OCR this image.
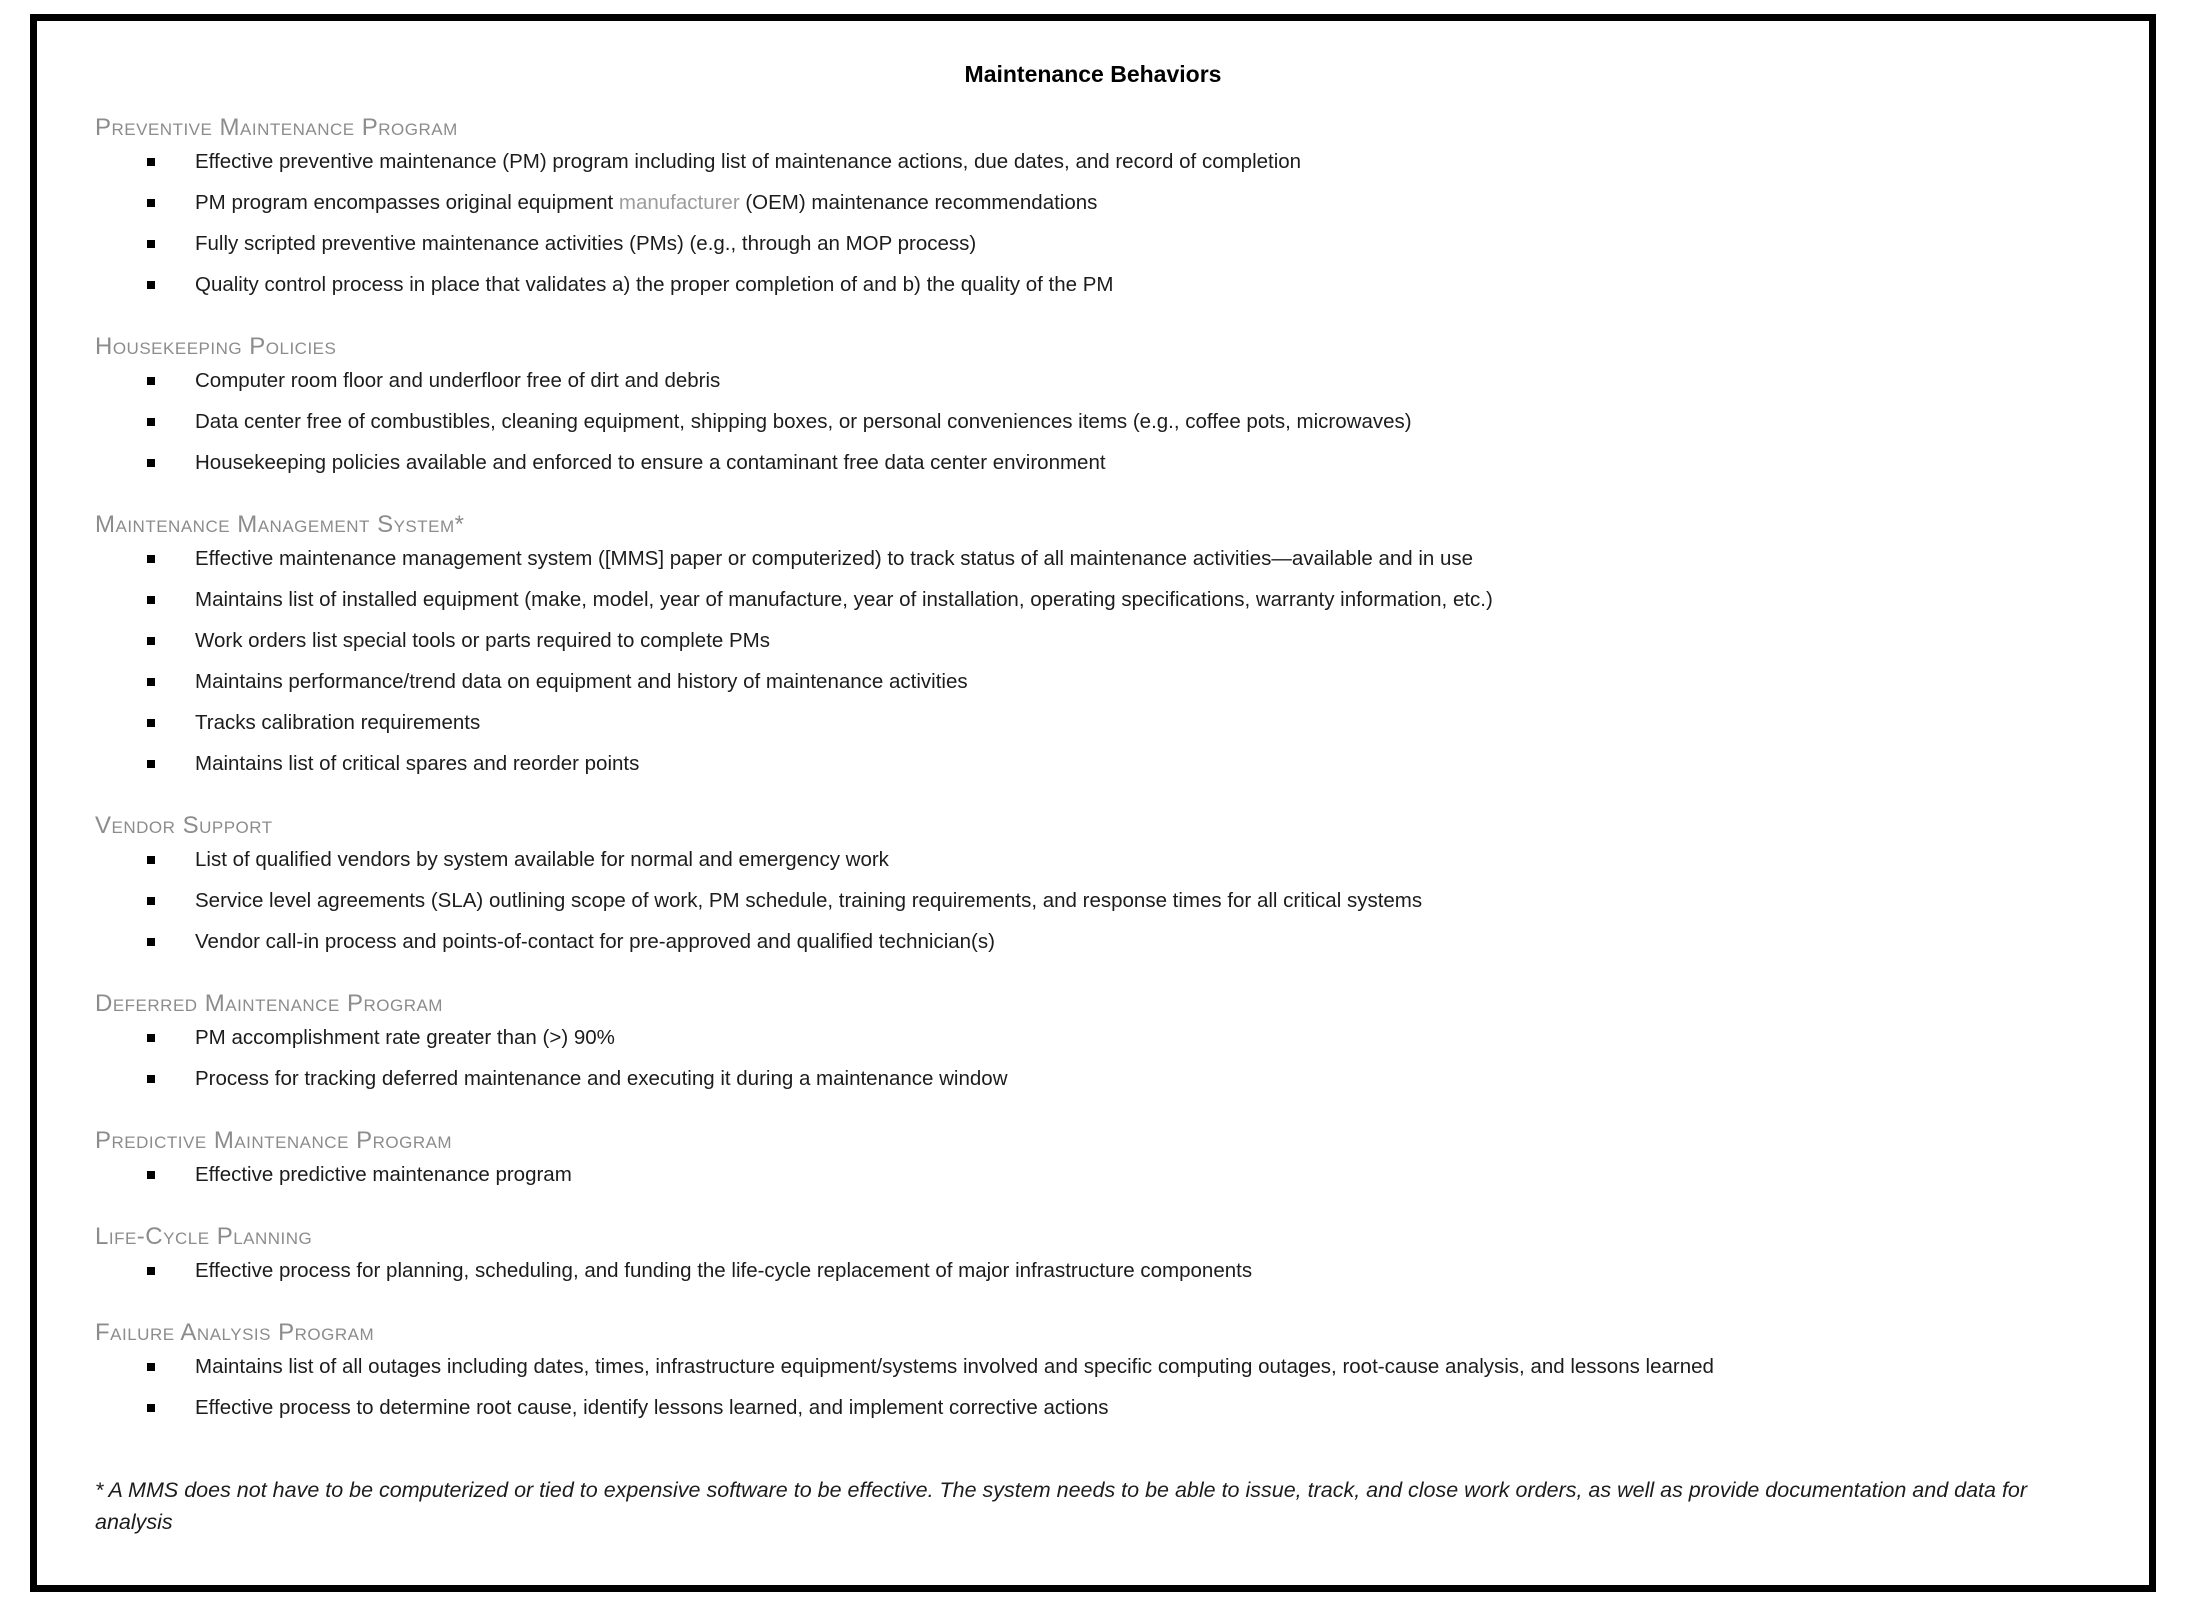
Maintenance Behaviors
Preventive Maintenance Program
Effective preventive maintenance (PM) program including list of maintenance actions, due dates, and record of completion
PM program encompasses original equipment manufacturer (OEM) maintenance recommendations
Fully scripted preventive maintenance activities (PMs) (e.g., through an MOP process)
Quality control process in place that validates a) the proper completion of and b) the quality of the PM
Housekeeping Policies
Computer room floor and underfloor free of dirt and debris
Data center free of combustibles, cleaning equipment, shipping boxes, or personal conveniences items (e.g., coffee pots, microwaves)
Housekeeping policies available and enforced to ensure a contaminant free data center environment
Maintenance Management System*
Effective maintenance management system ([MMS] paper or computerized) to track status of all maintenance activities—available and in use
Maintains list of installed equipment (make, model, year of manufacture, year of installation, operating specifications, warranty information, etc.)
Work orders list special tools or parts required to complete PMs
Maintains performance/trend data on equipment and history of maintenance activities
Tracks calibration requirements
Maintains list of critical spares and reorder points
Vendor Support
List of qualified vendors by system available for normal and emergency work
Service level agreements (SLA) outlining scope of work, PM schedule, training requirements, and response times for all critical systems
Vendor call-in process and points-of-contact for pre-approved and qualified technician(s)
Deferred Maintenance Program
PM accomplishment rate greater than (>) 90%
Process for tracking deferred maintenance and executing it during a maintenance window
Predictive Maintenance Program
Effective predictive maintenance program
Life-Cycle Planning
Effective process for planning, scheduling, and funding the life-cycle replacement of major infrastructure components
Failure Analysis Program
Maintains list of all outages including dates, times, infrastructure equipment/systems involved and specific computing outages, root-cause analysis, and lessons learned
Effective process to determine root cause, identify lessons learned, and implement corrective actions
* A MMS does not have to be computerized or tied to expensive software to be effective. The system needs to be able to issue, track, and close work orders, as well as provide documentation and data for analysis
